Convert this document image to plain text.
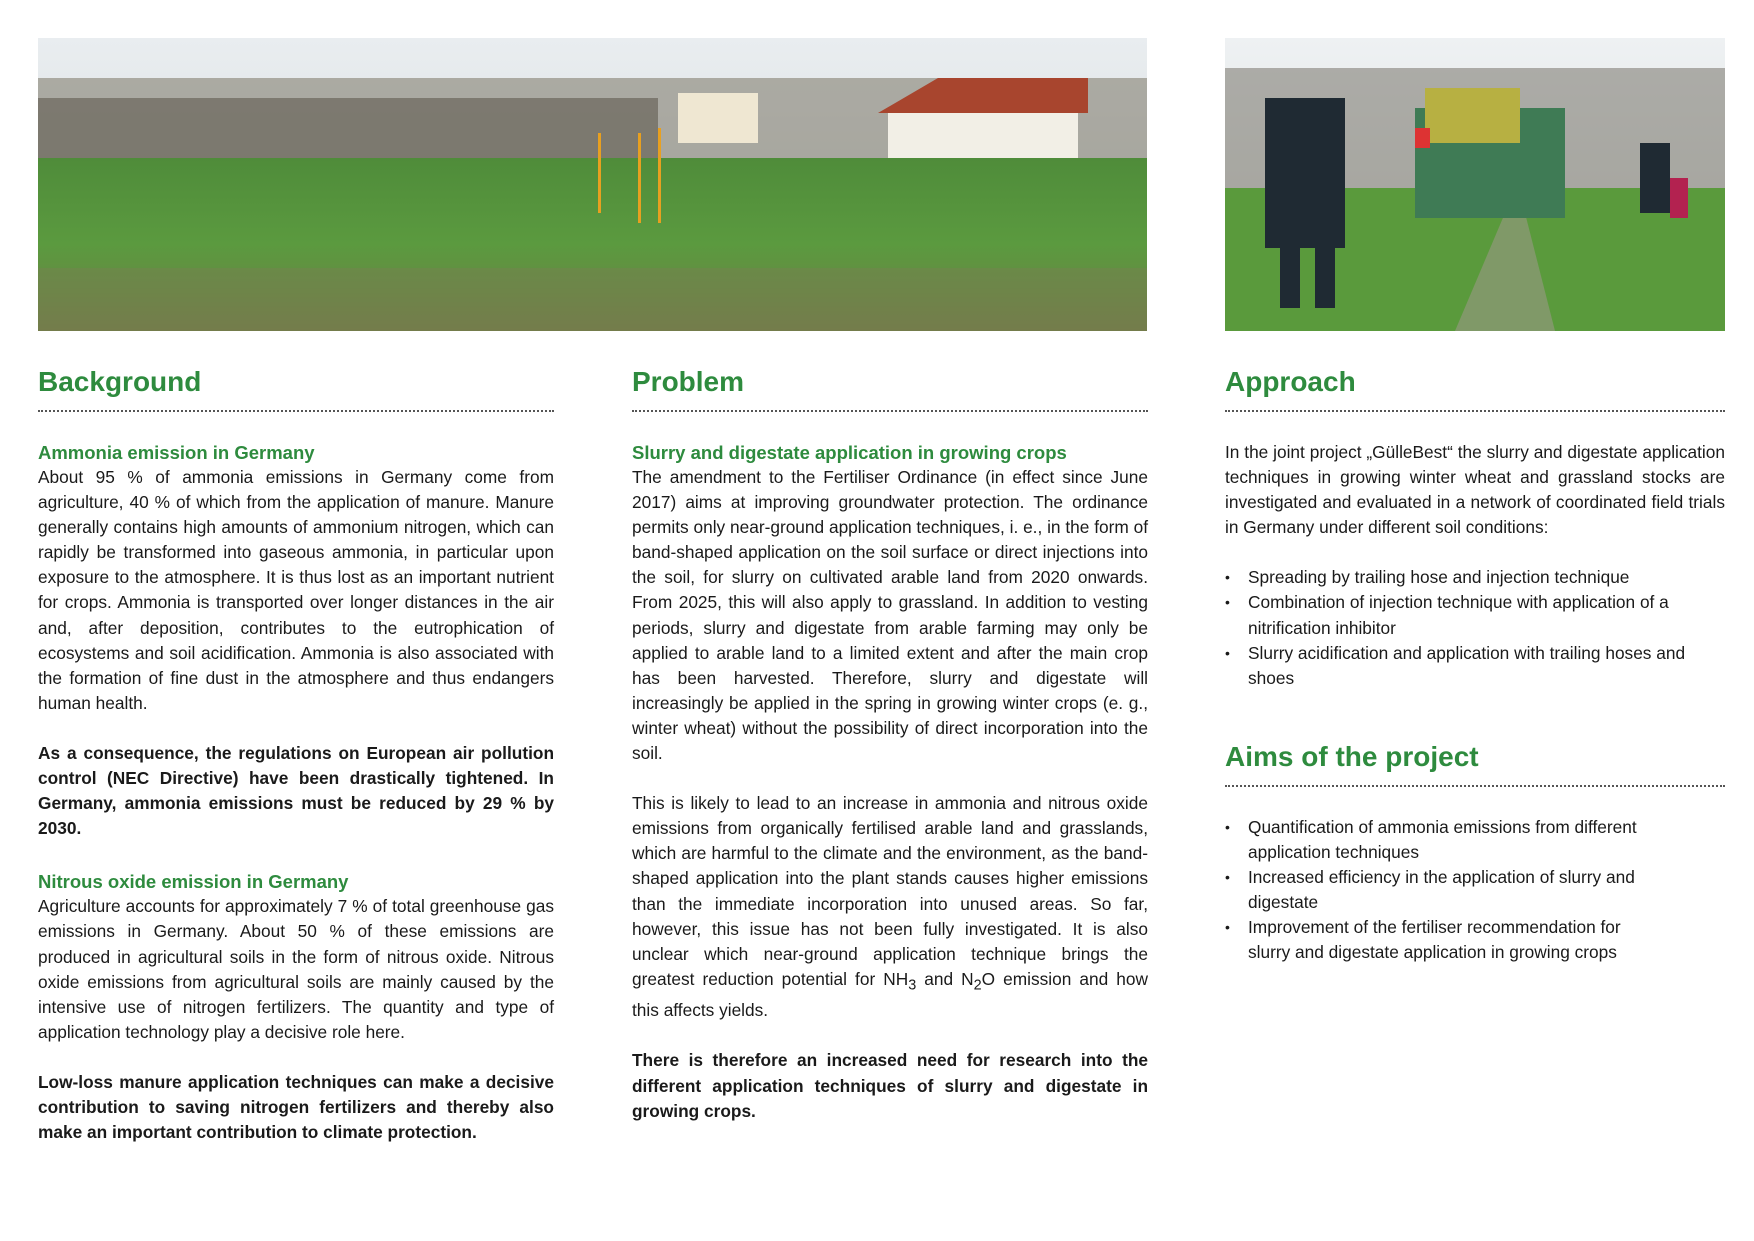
Background
Ammonia emission in Germany

About 95 % of ammonia emissions in Germany come from agriculture, 40 % of which from the application of manure. Manure generally contains high amounts of ammonium nitrogen, which can rapidly be transformed into gaseous ammonia, in particular upon exposure to the atmosphere. It is thus lost as an important nutrient for crops. Ammonia is transported over longer distances in the air and, after deposition, contributes to the eutrophication of ecosystems and soil acidification. Ammonia is also associated with the formation of fine dust in the atmosphere and thus endangers human health.

As a consequence, the regulations on European air pollution control (NEC Directive) have been drastically tightened. In Germany, ammonia emissions must be reduced by 29 % by 2030.

Nitrous oxide emission in Germany

Agriculture accounts for approximately 7 % of total greenhouse gas emissions in Germany. About 50 % of these emissions are produced in agricultural soils in the form of nitrous oxide. Nitrous oxide emissions from agricultural soils are mainly caused by the intensive use of nitrogen fertilizers. The quantity and type of application technology play a decisive role here.

Low-loss manure application techniques can make a decisive contribution to saving nitrogen fertilizers and thereby also make an important contribution to climate protection.

Problem
Slurry and digestate application in growing crops

The amendment to the Fertiliser Ordinance (in effect since June 2017) aims at improving groundwater protection. The ordinance permits only near-ground application techniques, i. e., in the form of band-shaped application on the soil surface or direct injections into the soil, for slurry on cultivated arable land from 2020 onwards. From 2025, this will also apply to grassland. In addition to vesting periods, slurry and digestate from arable farming may only be applied to arable land to a limited extent and after the main crop has been harvested. Therefore, slurry and digestate will increasingly be applied in the spring in growing winter crops (e. g., winter wheat) without the possibility of direct incorporation into the soil.

This is likely to lead to an increase in ammonia and nitrous oxide emissions from organically fertilised arable land and grasslands, which are harmful to the climate and the environment, as the band-shaped application into the plant stands causes higher emissions than the immediate incorporation into unused areas. So far, however, this issue has not been fully investigated. It is also unclear which near-ground application technique brings the greatest reduction potential for $NH_3$ and $N_2O$ emission and how this affects yields.

There is therefore an increased need for research into the different application techniques of slurry and digestate in growing crops.

Approach

In the joint project „GülleBest“ the slurry and digestate application techniques in growing winter wheat and grassland stocks are investigated and evaluated in a network of coordinated field trials in Germany under different soil conditions:

• Spreading by trailing hose and injection technique
• Combination of injection technique with application of a nitrification inhibitor
• Slurry acidification and application with trailing hoses and shoes
Aims of the project
• Quantification of ammonia emissions from different application techniques
• Increased efficiency in the application of slurry and digestate
• Improvement of the fertiliser recommendation for slurry and digestate application in growing crops
